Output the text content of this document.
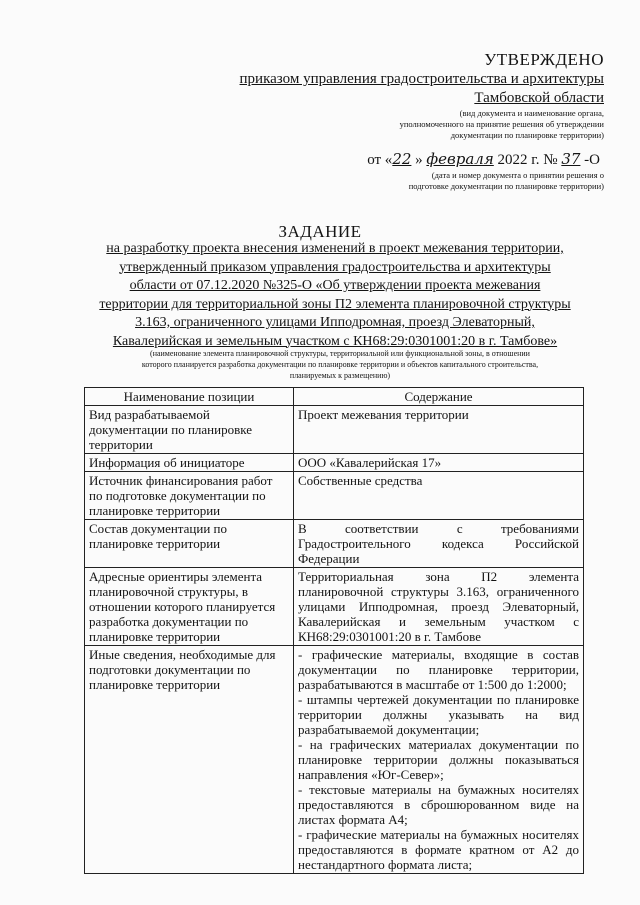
УТВЕРЖДЕНО
приказом управления градостроительства и архитектуры
Тамбовской области
(вид документа и наименование органа,
уполномоченного на принятие решения об утверждении
документации по планировке территории)
от «22 » февраля 2022 г. № 37 -О
(дата и номер документа о принятии решения о
подготовке документации по планировке территории)
ЗАДАНИЕ
на разработку проекта внесения изменений в проект межевания территории,
утвержденный приказом управления градостроительства и архитектуры
области от 07.12.2020 №325-О «Об утверждении проекта межевания
территории для территориальной зоны П2 элемента планировочной структуры
3.163, ограниченного улицами Ипподромная, проезд Элеваторный,
Кавалерийская и земельным участком с КН68:29:0301001:20 в г. Тамбове»
(наименование элемента планировочной структуры, территориальной или функциональной зоны, в отношении
которого планируется разработка документации по планировке территории и объектов капитального строительства,
планируемых к размещению)
Наименование позиции	Содержание
Вид разрабатываемой документации по планировке территории	Проект межевания территории

Информация об инициаторе	ООО «Кавалерийская 17»

Источник финансирования работ по подготовке документации по планировке территории	Собственные средства

Состав документации по планировке территории	В соответствии с требованиями Градостроительного кодекса Российской Федерации

Адресные ориентиры элемента планировочной структуры, в отношении которого планируется разработка документации по планировке территории	Территориальная зона П2 элемента планировочной структуры 3.163, ограниченного улицами Ипподромная, проезд Элеваторный, Кавалерийская и земельным участком с КН68:29:0301001:20 в г. Тамбове

Иные сведения, необходимые для подготовки документации по планировке территории	- графические материалы, входящие в состав документации по планировке территории, разрабатываются в масштабе от 1:500 до 1:2000;
- штампы чертежей документации по планировке территории должны указывать на вид разрабатываемой документации;
- на графических материалах документации по планировке территории должны показываться направления «Юг-Север»;
- текстовые материалы на бумажных носителях предоставляются в сброшюрованном виде на листах формата А4;
- графические материалы на бумажных носителях предоставляются в формате кратном от А2 до нестандартного формата листа;
